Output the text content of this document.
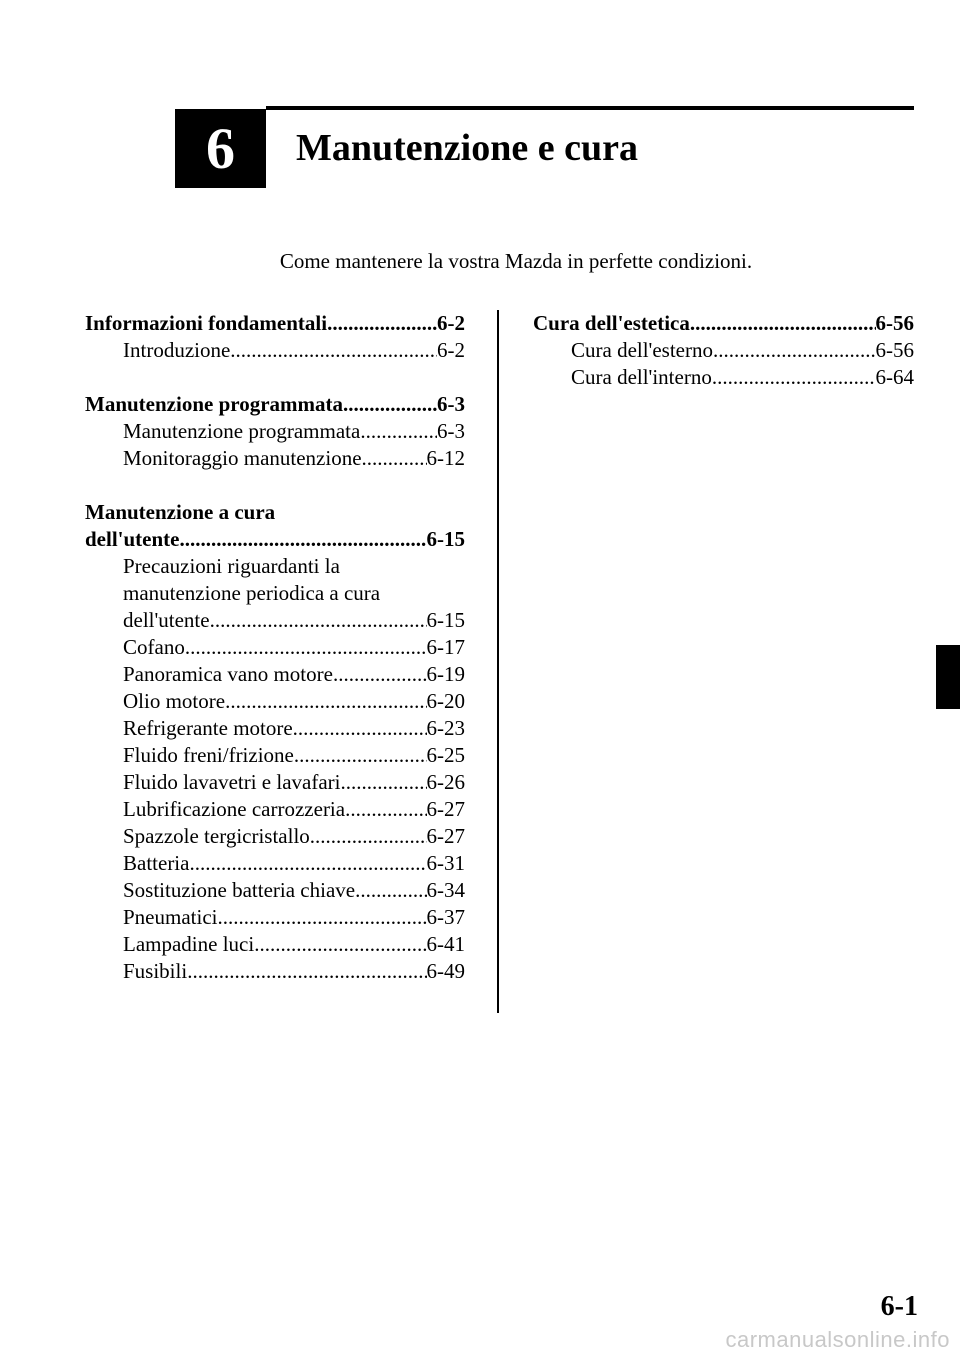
6	Manutenzione e cura
Come mantenere la vostra Mazda in perfette condizioni.
Informazioni fondamentali .....	6-2
Introduzione .....	6-2
Manutenzione programmata .....	6-3
Manutenzione programmata .....	6-3
Monitoraggio manutenzione .....	6-12
Manutenzione a cura
dell'utente .....	6-15
Precauzioni riguardanti la
manutenzione periodica a cura
dell'utente .....	6-15
Cofano .....	6-17
Panoramica vano motore .....	6-19
Olio motore .....	6-20
Refrigerante motore .....	6-23
Fluido freni/frizione .....	6-25
Fluido lavavetri e lavafari .....	6-26
Lubrificazione carrozzeria .....	6-27
Spazzole tergicristallo .....	6-27
Batteria .....	6-31
Sostituzione batteria chiave .....	6-34
Pneumatici .....	6-37
Lampadine luci .....	6-41
Fusibili .....	6-49
Cura dell'estetica .....	6-56
Cura dell'esterno .....	6-56
Cura dell'interno .....	6-64
6-1
carmanualsonline.info
